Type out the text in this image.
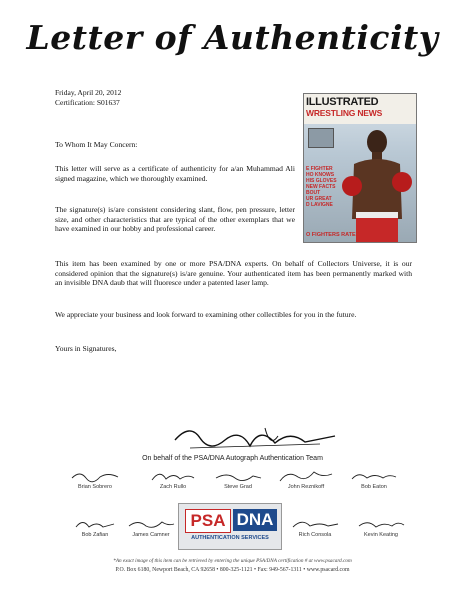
Letter of Authenticity
Friday, April 20, 2012
Certification: S01637
To Whom It May Concern:
This letter will serve as a certificate of authenticity for a/an Muhammad Ali signed magazine, which we thoroughly examined.
The signature(s) is/are consistent considering slant, flow, pen pressure, letter size, and other characteristics that are typical of the other exemplars that we have examined in our hobby and professional career.
This item has been examined by one or more PSA/DNA experts. On behalf of Collectors Universe, it is our considered opinion that the signature(s) is/are genuine. Your authenticated item has been permanently marked with an invisible DNA daub that will fluoresce under a patented laser lamp.
We appreciate your business and look forward to examining other collectibles for you in the future.
Yours in Signatures,
ILLUSTRATED
WRESTLING NEWS
E FIGHTER
HO KNOWS
HIS GLOVES
NEW FACTS
BOUT
UR GREAT
D LAVIGNE
O FIGHTERS RATED
On behalf of the PSA/DNA Autograph Authentication Team
Brian Sobrero	Zach Rullo	Steve Grad	John Reznikoff	Bob Eaton
Bob Zafian	James Camner	Rich Consola	Kevin Keating
PSA DNA
AUTHENTICATION SERVICES
*An exact image of this item can be retrieved by entering the unique PSA/DNA certification # at www.psacard.com
P.O. Box 6180, Newport Beach, CA 92658 • 800-325-1121 • Fax: 949-567-1311 • www.psacard.com
